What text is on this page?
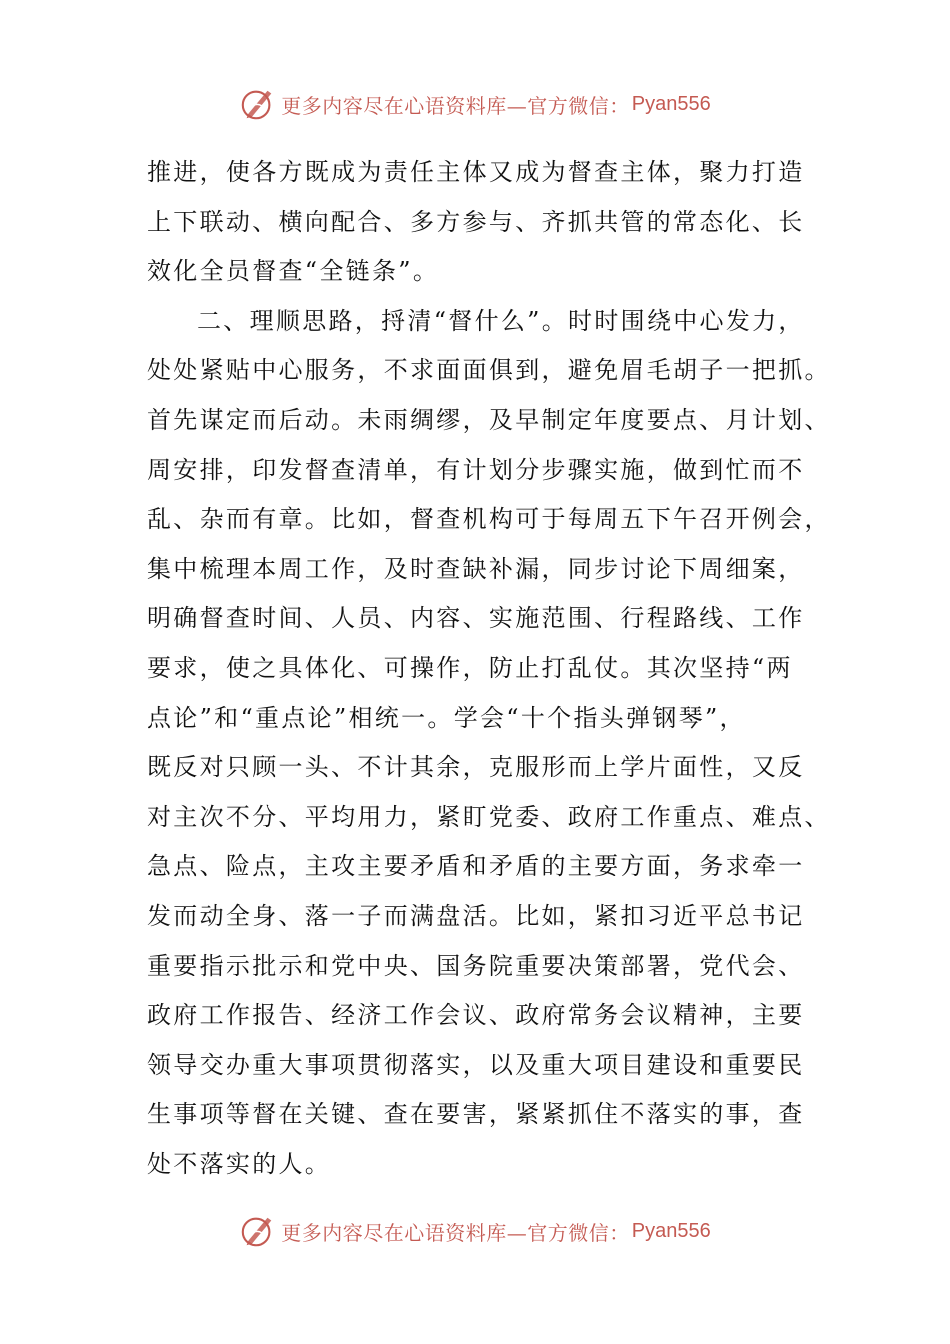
更多内容尽在心语资料库—官方微信： Pyan556
推进，使各方既成为责任主体又成为督查主体，聚力打造
上下联动、横向配合、多方参与、齐抓共管的常态化、长
效化全员督查“全链条”。
二、理顺思路，捋清“督什么”。时时围绕中心发力，
处处紧贴中心服务，不求面面俱到，避免眉毛胡子一把抓。
首先谋定而后动。未雨绸缪，及早制定年度要点、月计划、
周安排，印发督查清单，有计划分步骤实施，做到忙而不
乱、杂而有章。比如，督查机构可于每周五下午召开例会，
集中梳理本周工作，及时查缺补漏，同步讨论下周细案，
明确督查时间、人员、内容、实施范围、行程路线、工作
要求，使之具体化、可操作，防止打乱仗。其次坚持“两
点论”和“重点论”相统一。学会“十个指头弹钢琴”，
既反对只顾一头、不计其余，克服形而上学片面性，又反
对主次不分、平均用力，紧盯党委、政府工作重点、难点、
急点、险点，主攻主要矛盾和矛盾的主要方面，务求牵一
发而动全身、落一子而满盘活。比如，紧扣习近平总书记
重要指示批示和党中央、国务院重要决策部署，党代会、
政府工作报告、经济工作会议、政府常务会议精神，主要
领导交办重大事项贯彻落实，以及重大项目建设和重要民
生事项等督在关键、查在要害，紧紧抓住不落实的事，查
处不落实的人。
更多内容尽在心语资料库—官方微信： Pyan556
